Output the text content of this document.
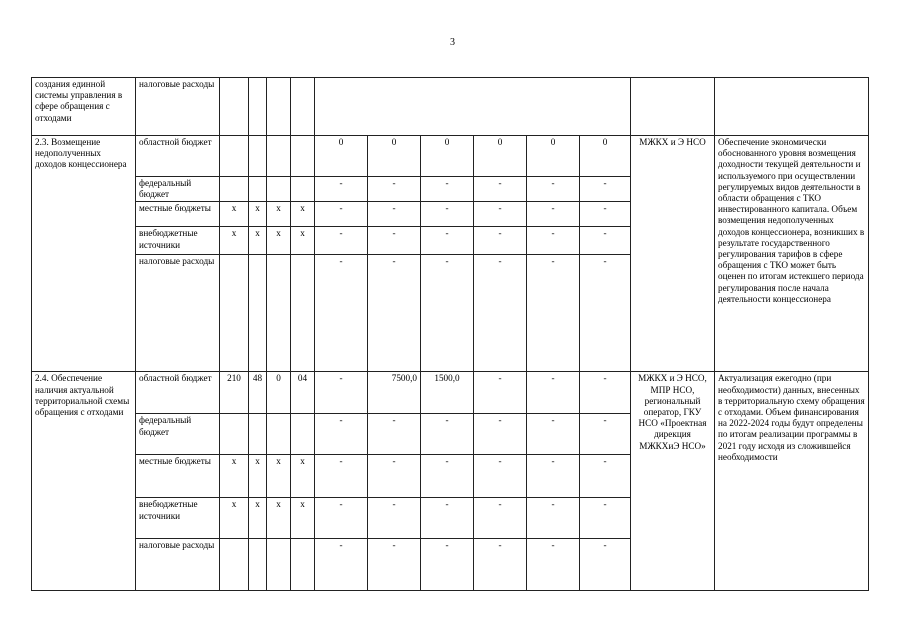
3
создания единной системы управления в сфере обращения с отходами	налоговые расходы												
2.3. Возмещение недополученных доходов концессионера	областной бюджет					0	0	0	0	0	0	МЖКХ и Э НСО	Обеспечение экономически обоснованного уровня возмещения доходности текущей деятельности и используемого при осуществлении регулируемых видов деятельности в области обращения с ТКО инвестированного капитала. Объем возмещения недополученных доходов концессионера, возникших в результате государственного регулирования тарифов в сфере обращения с ТКО может быть оценен по итогам истекшего периода регулирования после начала деятельности концессионера
	федеральный бюджет					-	-	-	-	-	-		
	местные бюджеты	х	х	х	х	-	-	-	-	-	-		
	внебюджетные источники	х	х	х	х	-	-	-	-	-	-		
	налоговые расходы					-	-	-	-	-	-		
2.4. Обеспечение наличия актуальной территориальной схемы обращения с отходами	областной бюджет	210	48	0	04	-	7500,0	1500,0	-	-	-	МЖКХ и Э НСО, МПР НСО, региональный оператор, ГКУ НСО «Проектная дирекция МЖКХиЭ НСО»	Актуализация ежегодно (при необходимости) данных, внесенных в территориальную схему обращения с отходами. Объем финансирования на 2022-2024 годы будут определены по итогам реализации программы в 2021 году исходя из сложившейся необходимости
	федеральный бюджет					-	-	-	-	-	-		
	местные бюджеты	х	х	х	х	-	-	-	-	-	-		
	внебюджетные источники	х	х	х	х	-	-	-	-	-	-		
	налоговые расходы					-	-	-	-	-	-		
